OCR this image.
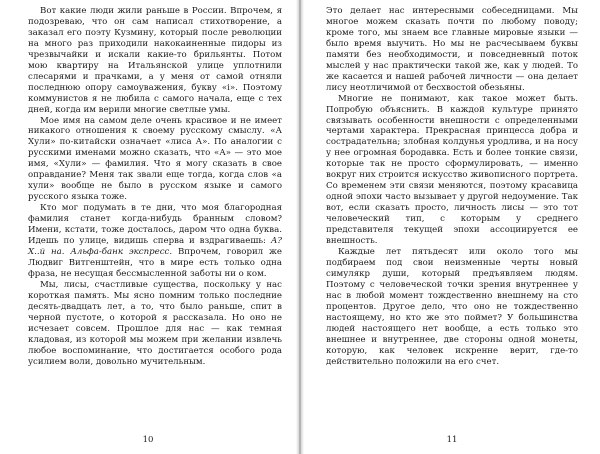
Вот какие люди жили раньше в России. Впрочем, я подозреваю, что он сам написал стихотворение, а заказал его поэту Кузмину, который после революции на много раз приходили накокаиненные пидоры из чрезвычайки и искали какие-то брильянты. Потом мою квартиру на Итальянской улице уплотнили слесарями и прачками, а у меня от самой отняли последнюю опору самоуважения, букву «i». Поэтому коммунистов я не любила с самого начала, еще с тех дней, когда им верили многие светлые умы.

Мое имя на самом деле очень красивое и не имеет никакого отношения к своему русскому смыслу. «А Хули» по-китайски означает «лиса А». По аналогии с русскими именами можно сказать, что «А» — это мое имя, «Хули» — фамилия. Что я могу сказать в свое оправдание? Меня так звали еще тогда, когда слов «а хули» вообще не было в русском языке и самого русского языка тоже.

Кто мог подумать в те дни, что моя благородная фамилия станет когда-нибудь бранным словом? Имени, кстати, тоже досталось, даром что одна буква. Идешь по улице, видишь сперва и вздрагиваешь: А? Х..й на. Альфа-банк экспресс. Впрочем, говорил же Людвиг Витгенштейн, что в мире есть только одна фраза, не несущая бессмысленной заботы ни о ком.

Мы, лисы, счастливые существа, поскольку у нас короткая память. Мы ясно помним только последние десять-двадцать лет, а то, что было раньше, спит в черной пустоте, о которой я рассказала. Но оно не исчезает совсем. Прошлое для нас — как темная кладовая, из которой мы можем при желании извлечь любое воспоминание, что достигается особого рода усилием воли, довольно мучительным.

10

Это делает нас интересными собеседницами. Мы многое можем сказать почти по любому поводу; кроме того, мы знаем все главные мировые языки — было время выучить. Но мы не расчесываем буквы памяти без необходимости, и повседневный поток мыслей у нас практически такой же, как у людей. То же касается и нашей рабочей личности — она делает лису неотличимой от бесхвостой обезьяны.

Многие не понимают, как такое может быть. Попробую объяснить. В каждой культуре принято связывать особенности внешности с определенными чертами характера. Прекрасная принцесса добра и сострадательна; злобная колдунья уродлива, и на носу у нее огромная бородавка. Есть и более тонкие связи, которые так не просто сформулировать, — именно вокруг них строится искусство живописного портрета. Со временем эти связи меняются, поэтому красавица одной эпохи часто вызывает у другой недоумение. Так вот, если сказать просто, личность лисы — это тот человеческий тип, с которым у среднего представителя текущей эпохи ассоциируется ее внешность.

Каждые лет пятьдесят или около того мы подбираем под свои неизменные черты новый симулякр души, который предъявляем людям. Поэтому с человеческой точки зрения внутреннее у нас в любой момент тождественно внешнему на сто процентов. Другое дело, что оно не тождественно настоящему, но кто же это поймет? У большинства людей настоящего нет вообще, а есть только это внешнее и внутреннее, две стороны одной монеты, которую, как человек искренне верит, где-то действительно положили на его счет.

11
